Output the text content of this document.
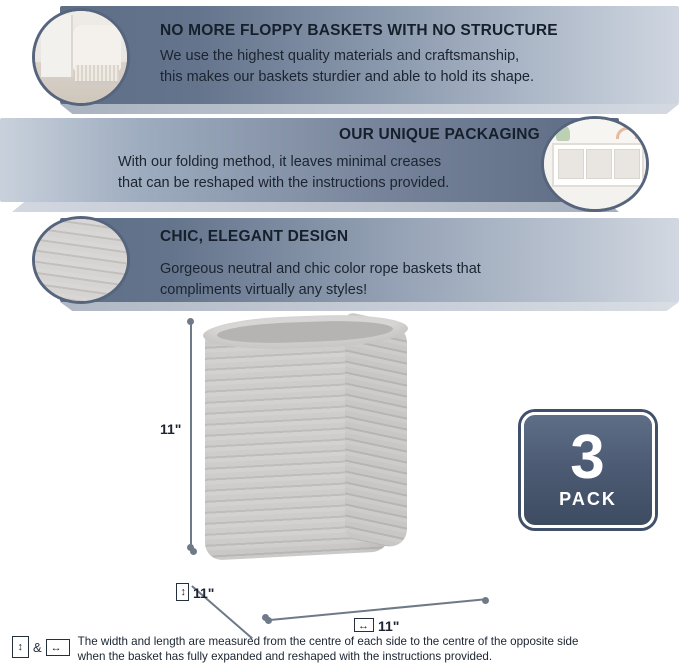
NO MORE FLOPPY BASKETS WITH NO STRUCTURE
We use the highest quality materials and craftsmanship,
this makes our baskets sturdier and able to hold its shape.
OUR UNIQUE PACKAGING
With our folding method, it leaves minimal creases
that can be reshaped with the instructions provided.
CHIC, ELEGANT DESIGN
Gorgeous neutral and chic color rope baskets that
compliments virtually any styles!
11"
↕ 11"
↔ 11"
3
PACK
↕ & ↔ The width and length are measured from the centre of each side to the centre of the opposite side
when the basket has fully expanded and reshaped with the instructions provided.
